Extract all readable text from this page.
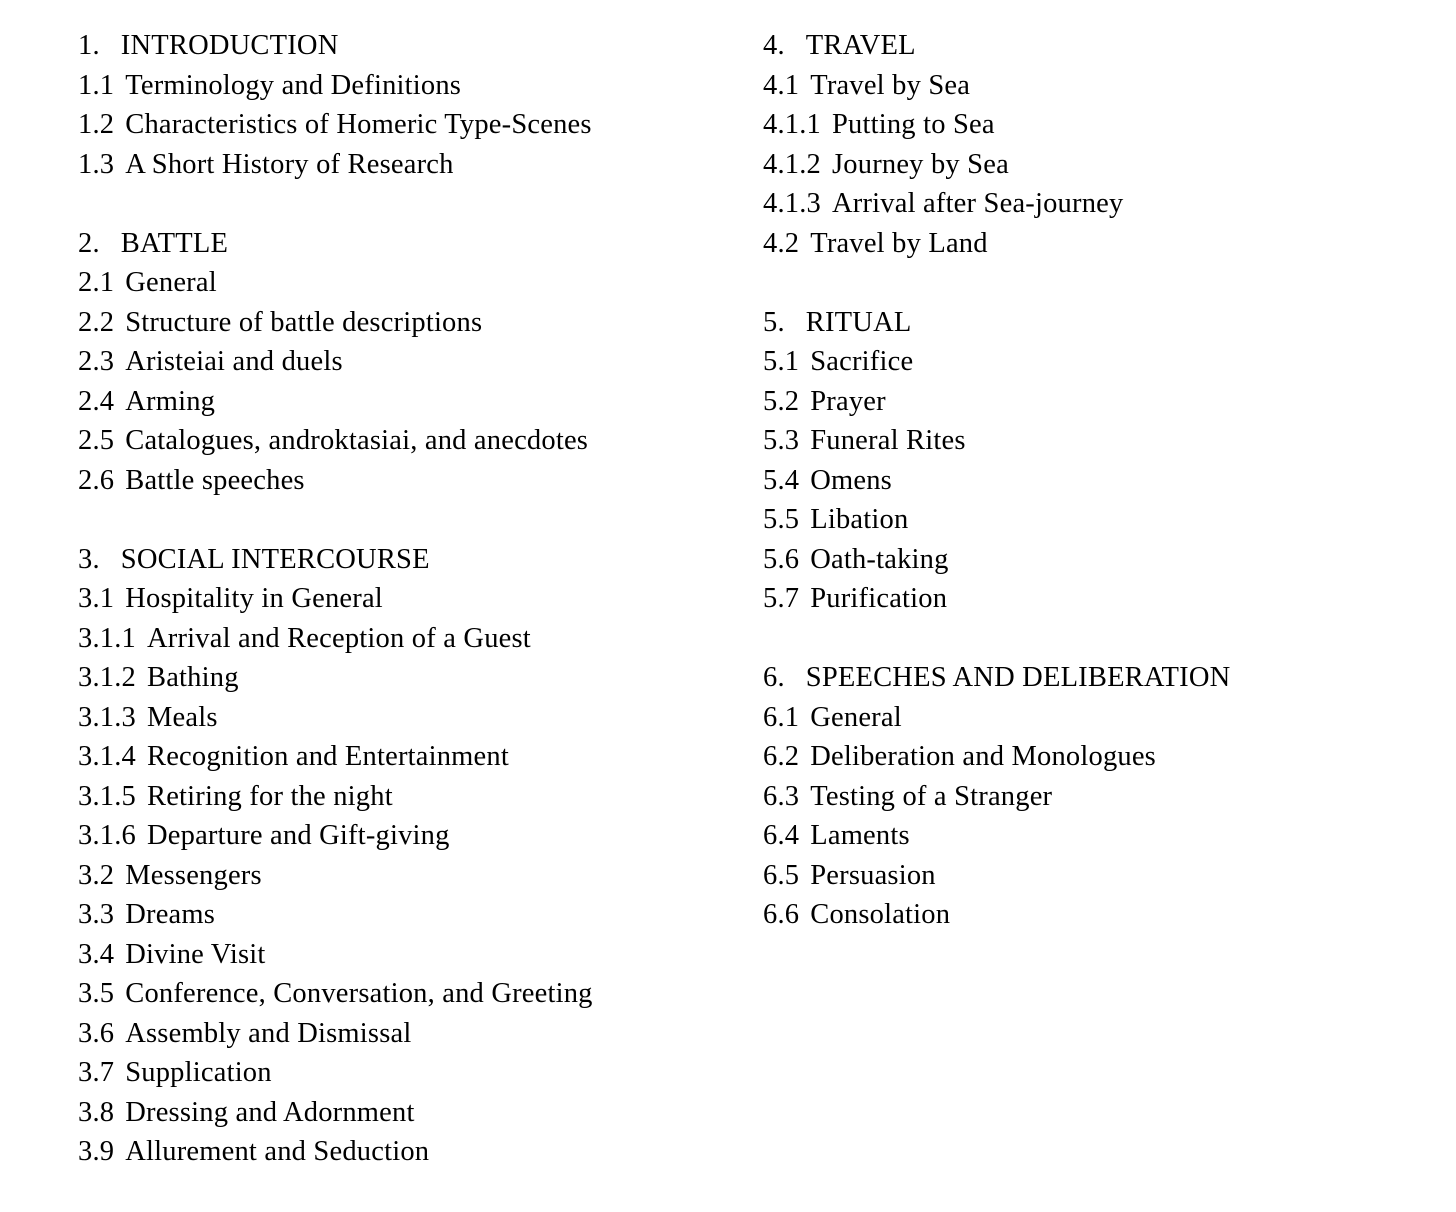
1. INTRODUCTION
1.1 Terminology and Definitions
1.2 Characteristics of Homeric Type-Scenes
1.3 A Short History of Research
2. BATTLE
2.1 General
2.2 Structure of battle descriptions
2.3 Aristeiai and duels
2.4 Arming
2.5 Catalogues, androktasiai, and anecdotes
2.6 Battle speeches
3. SOCIAL INTERCOURSE
3.1 Hospitality in General
3.1.1 Arrival and Reception of a Guest
3.1.2 Bathing
3.1.3 Meals
3.1.4 Recognition and Entertainment
3.1.5 Retiring for the night
3.1.6 Departure and Gift-giving
3.2 Messengers
3.3 Dreams
3.4 Divine Visit
3.5 Conference, Conversation, and Greeting
3.6 Assembly and Dismissal
3.7 Supplication
3.8 Dressing and Adornment
3.9 Allurement and Seduction
4. TRAVEL
4.1 Travel by Sea
4.1.1 Putting to Sea
4.1.2 Journey by Sea
4.1.3 Arrival after Sea-journey
4.2 Travel by Land
5. RITUAL
5.1 Sacrifice
5.2 Prayer
5.3 Funeral Rites
5.4 Omens
5.5 Libation
5.6 Oath-taking
5.7 Purification
6. SPEECHES AND DELIBERATION
6.1 General
6.2 Deliberation and Monologues
6.3 Testing of a Stranger
6.4 Laments
6.5 Persuasion
6.6 Consolation
